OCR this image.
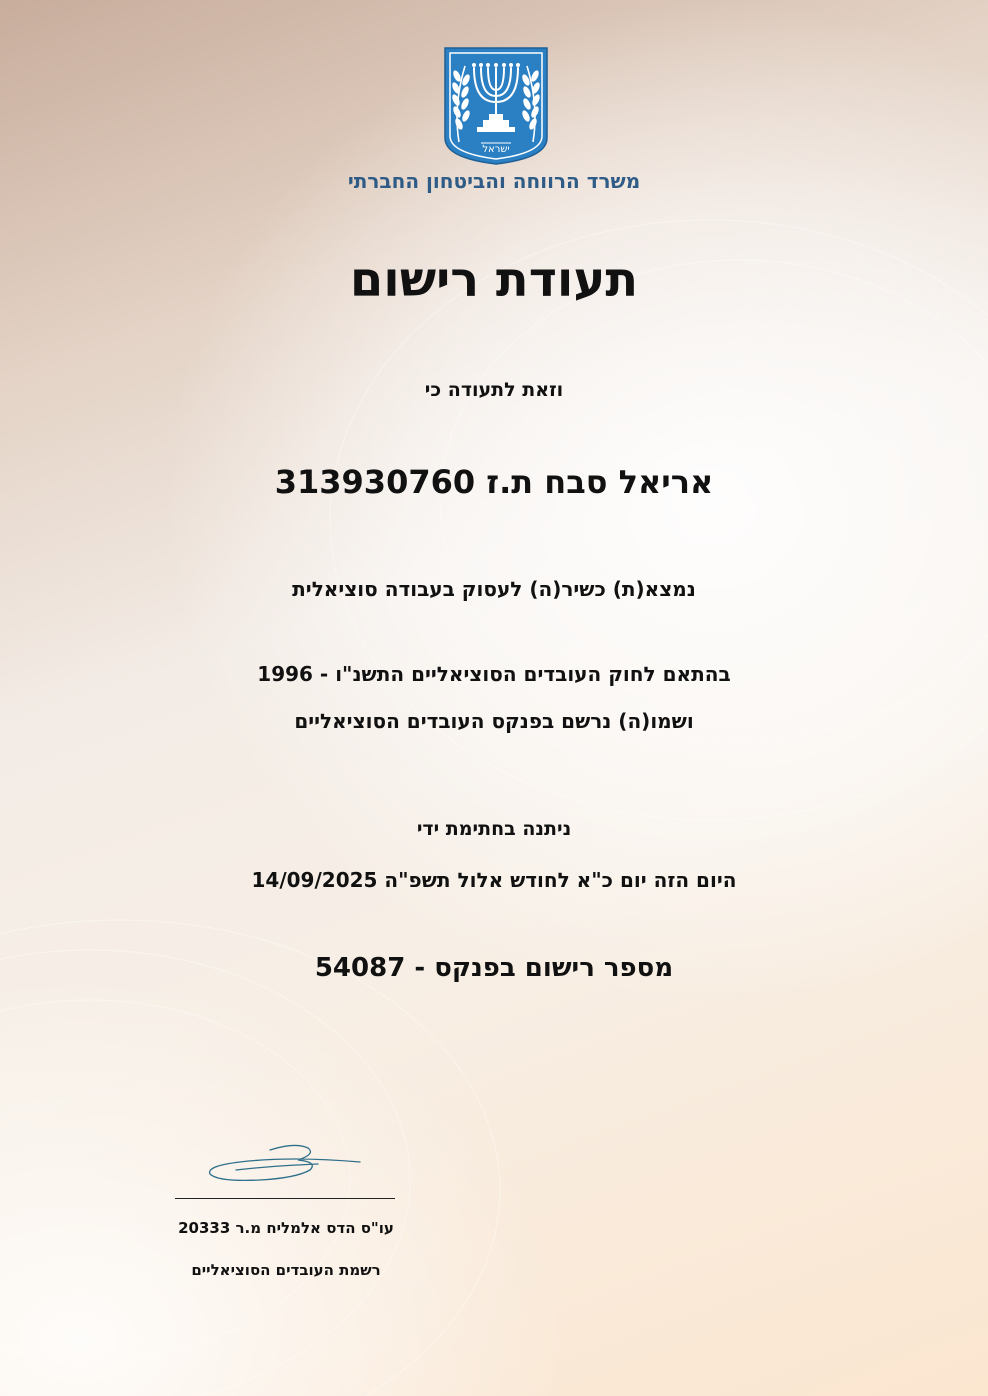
ישראל
משרד הרווחה והביטחון החברתי
תעודת רישום
וזאת לתעודה כי
אריאל סבח ת.ז 313930760
נמצא(ת) כשיר(ה) לעסוק בעבודה סוציאלית
בהתאם לחוק העובדים הסוציאליים התשנ"ו - 1996
ושמו(ה) נרשם בפנקס העובדים הסוציאליים
ניתנה בחתימת ידי
היום הזה יום כ"א לחודש אלול תשפ"ה 14/09/2025
מספר רישום בפנקס - 54087
עו"ס הדס אלמליח מ.ר 20333
רשמת העובדים הסוציאליים
